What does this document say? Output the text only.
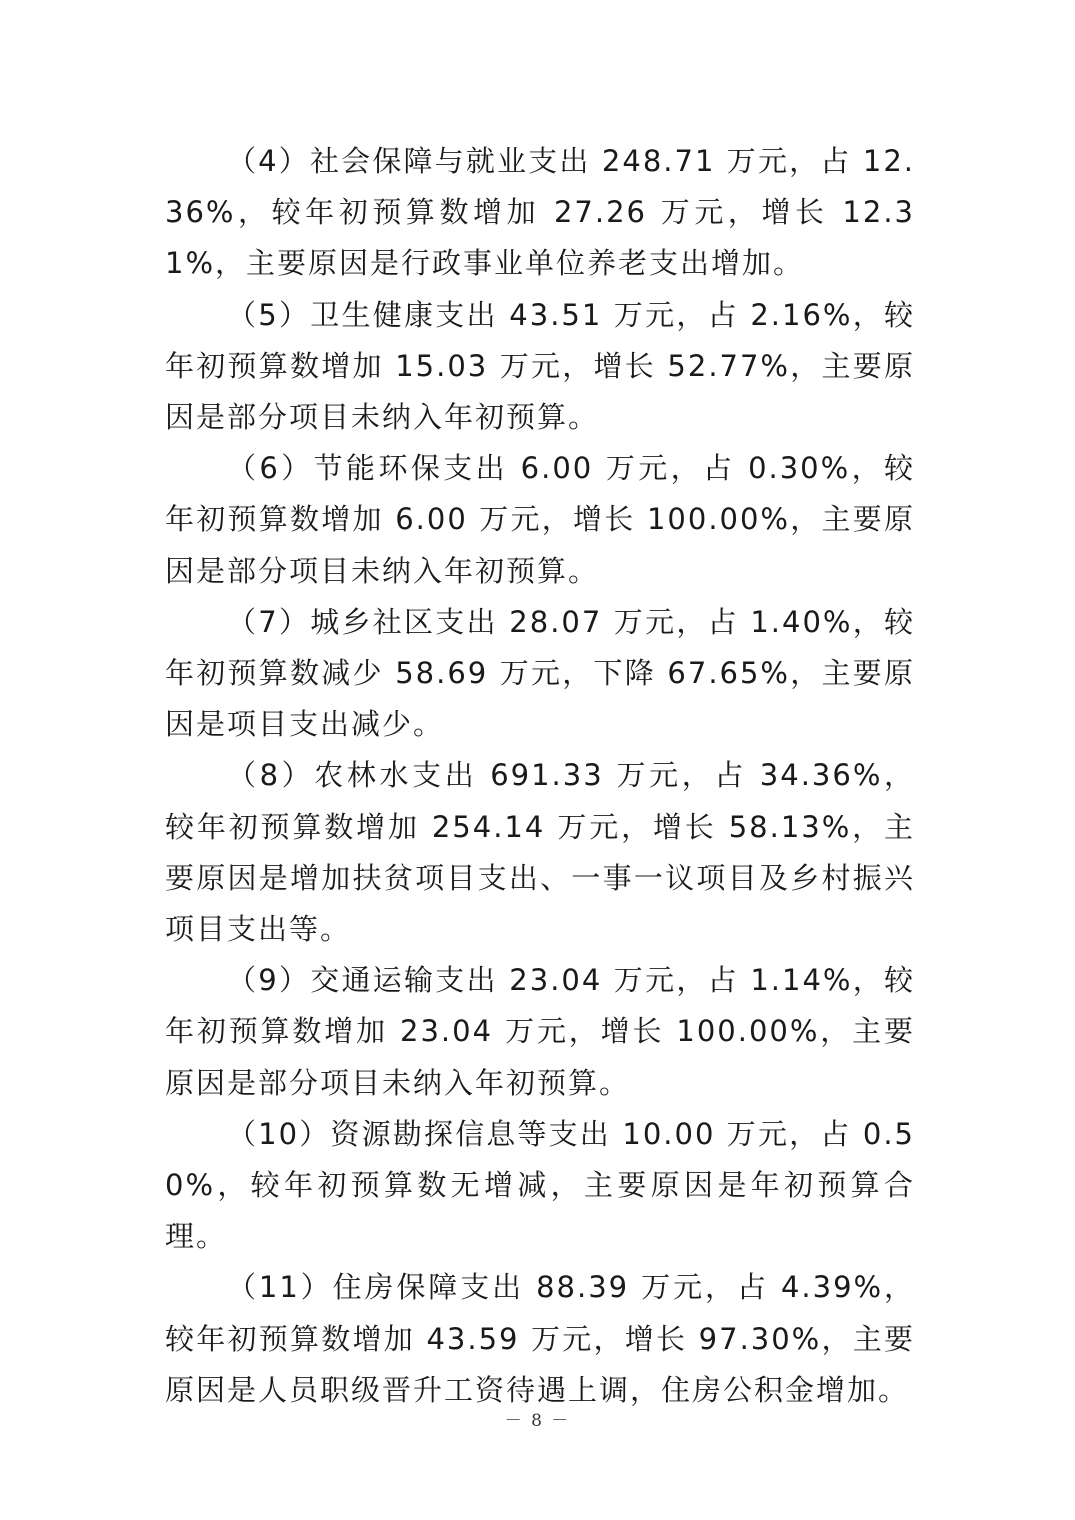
（4）社会保障与就业支出 248.71 万元，占 12.36%，较年初预算数增加 27.26 万元，增长 12.31%，主要原因是行政事业单位养老支出增加。

（5）卫生健康支出 43.51 万元，占 2.16%，较年初预算数增加 15.03 万元，增长 52.77%，主要原因是部分项目未纳入年初预算。

（6）节能环保支出 6.00 万元，占 0.30%，较年初预算数增加 6.00 万元，增长 100.00%，主要原因是部分项目未纳入年初预算。

（7）城乡社区支出 28.07 万元，占 1.40%，较年初预算数减少 58.69 万元，下降 67.65%，主要原因是项目支出减少。

（8）农林水支出 691.33 万元，占 34.36%，较年初预算数增加 254.14 万元，增长 58.13%，主要原因是增加扶贫项目支出、一事一议项目及乡村振兴项目支出等。

（9）交通运输支出 23.04 万元，占 1.14%，较年初预算数增加 23.04 万元，增长 100.00%，主要原因是部分项目未纳入年初预算。

（10）资源勘探信息等支出 10.00 万元，占 0.50%，较年初预算数无增减，主要原因是年初预算合理。

（11）住房保障支出 88.39 万元，占 4.39%，较年初预算数增加 43.59 万元，增长 97.30%，主要原因是人员职级晋升工资待遇上调，住房公积金增加。

－ 8 －
